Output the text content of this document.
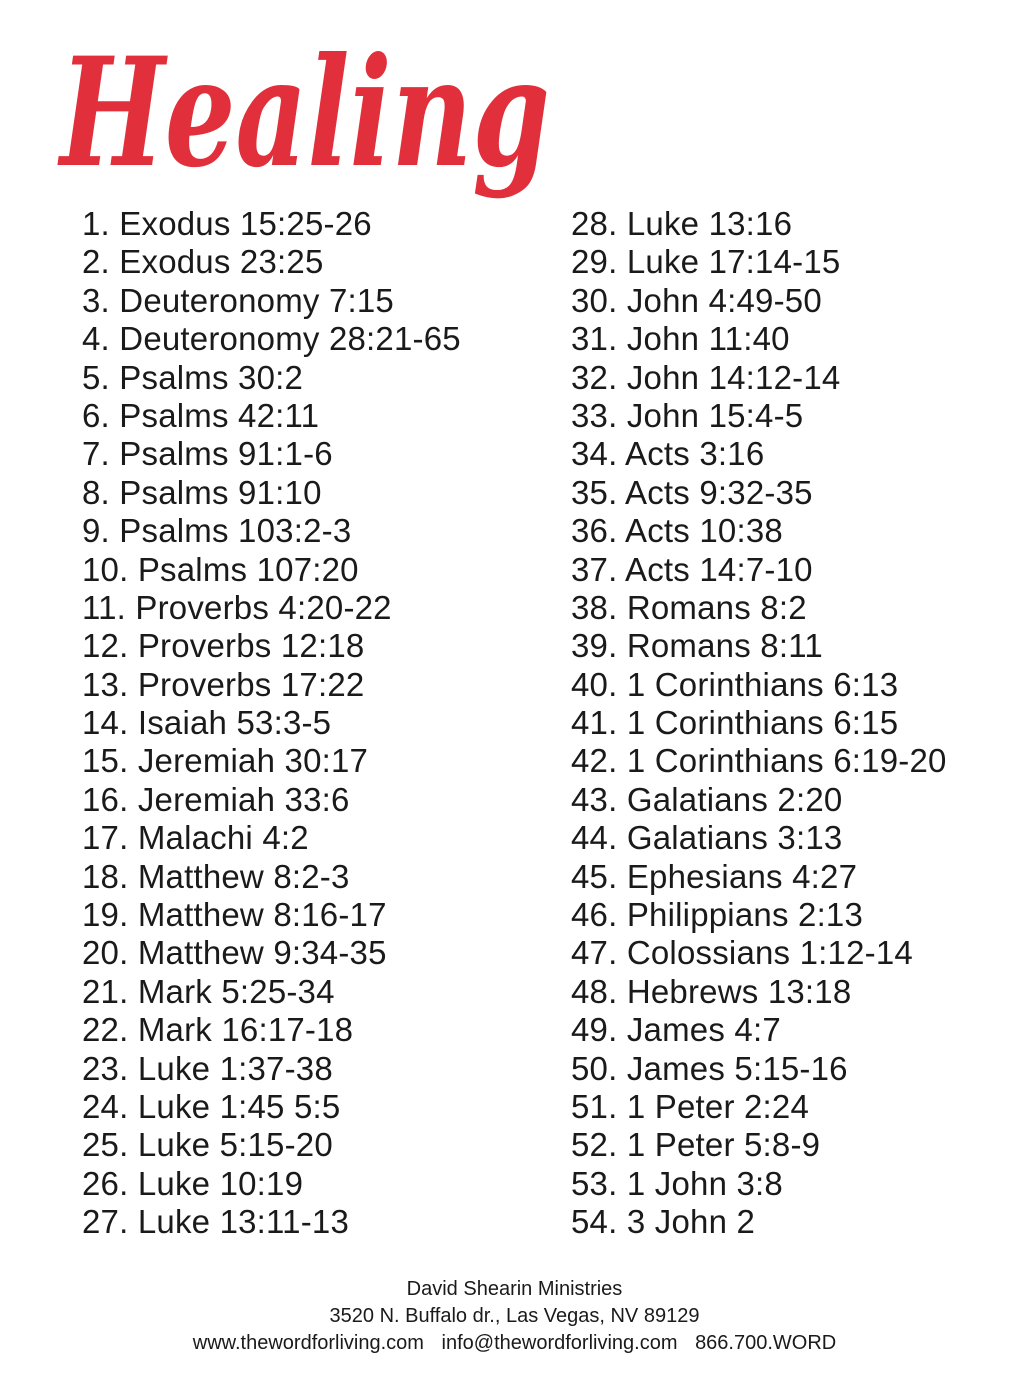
Healing
1. Exodus 15:25-26
2. Exodus 23:25
3. Deuteronomy 7:15
4. Deuteronomy 28:21-65
5. Psalms 30:2
6. Psalms 42:11
7. Psalms 91:1-6
8. Psalms 91:10
9. Psalms 103:2-3
10. Psalms 107:20
11. Proverbs 4:20-22
12. Proverbs 12:18
13. Proverbs 17:22
14. Isaiah 53:3-5
15. Jeremiah 30:17
16. Jeremiah 33:6
17. Malachi 4:2
18. Matthew 8:2-3
19. Matthew 8:16-17
20. Matthew 9:34-35
21. Mark 5:25-34
22. Mark 16:17-18
23. Luke 1:37-38
24. Luke 1:45 5:5
25. Luke 5:15-20
26. Luke 10:19
27. Luke 13:11-13
28. Luke 13:16
29. Luke 17:14-15
30. John 4:49-50
31. John 11:40
32. John 14:12-14
33. John 15:4-5
34. Acts 3:16
35. Acts 9:32-35
36. Acts 10:38
37. Acts 14:7-10
38. Romans 8:2
39. Romans 8:11
40. 1 Corinthians 6:13
41. 1 Corinthians 6:15
42. 1 Corinthians 6:19-20
43. Galatians 2:20
44. Galatians 3:13
45. Ephesians 4:27
46. Philippians 2:13
47. Colossians 1:12-14
48. Hebrews 13:18
49. James 4:7
50. James 5:15-16
51. 1 Peter 2:24
52. 1 Peter 5:8-9
53. 1 John 3:8
54. 3 John 2
David Shearin Ministries
3520 N. Buffalo dr., Las Vegas, NV 89129
www.thewordforliving.com info@thewordforliving.com 866.700.WORD
